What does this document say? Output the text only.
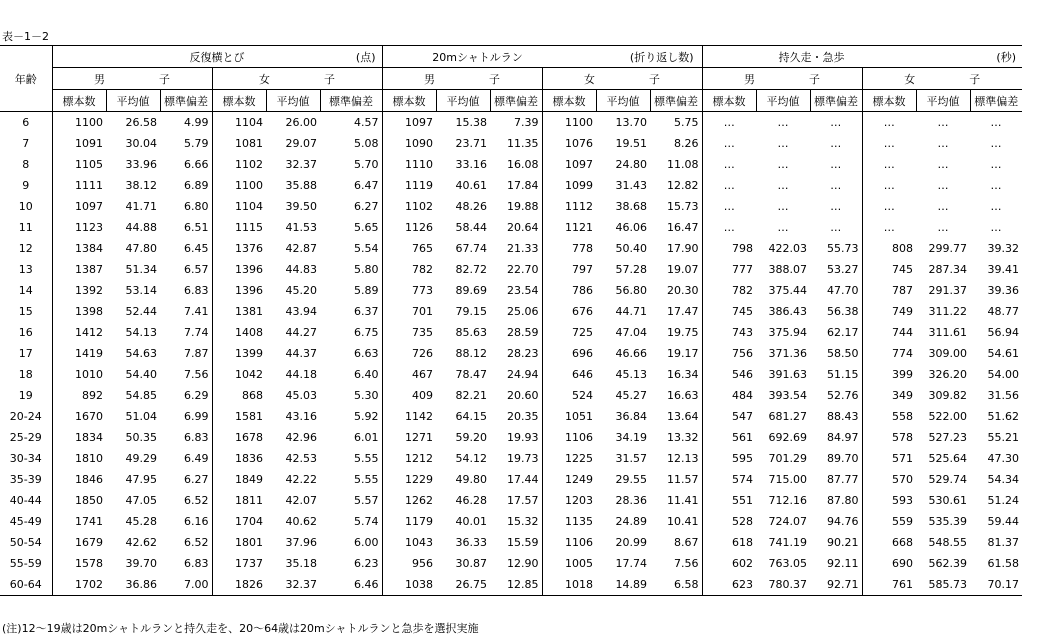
表－1－2
年齢	反復横とび (点)						20mシャトルラン (折り返し数)						持久走・急歩 (秒)					

	男 子			女 子			男 子			女 子			男 子			女 子		

	標本数	平均値	標準偏差	標本数	平均値	標準偏差	標本数	平均値	標準偏差	標本数	平均値	標準偏差	標本数	平均値	標準偏差	標本数	平均値	標準偏差
6	1100	26.58	4.99	1104	26.00	4.57	1097	15.38	7.39	1100	13.70	5.75	…	…	…	…	…	…
7	1091	30.04	5.79	1081	29.07	5.08	1090	23.71	11.35	1076	19.51	8.26	…	…	…	…	…	…
8	1105	33.96	6.66	1102	32.37	5.70	1110	33.16	16.08	1097	24.80	11.08	…	…	…	…	…	…
9	1111	38.12	6.89	1100	35.88	6.47	1119	40.61	17.84	1099	31.43	12.82	…	…	…	…	…	…
10	1097	41.71	6.80	1104	39.50	6.27	1102	48.26	19.88	1112	38.68	15.73	…	…	…	…	…	…
11	1123	44.88	6.51	1115	41.53	5.65	1126	58.44	20.64	1121	46.06	16.47	…	…	…	…	…	…
12	1384	47.80	6.45	1376	42.87	5.54	765	67.74	21.33	778	50.40	17.90	798	422.03	55.73	808	299.77	39.32
13	1387	51.34	6.57	1396	44.83	5.80	782	82.72	22.70	797	57.28	19.07	777	388.07	53.27	745	287.34	39.41
14	1392	53.14	6.83	1396	45.20	5.89	773	89.69	23.54	786	56.80	20.30	782	375.44	47.70	787	291.37	39.36
15	1398	52.44	7.41	1381	43.94	6.37	701	79.15	25.06	676	44.71	17.47	745	386.43	56.38	749	311.22	48.77
16	1412	54.13	7.74	1408	44.27	6.75	735	85.63	28.59	725	47.04	19.75	743	375.94	62.17	744	311.61	56.94
17	1419	54.63	7.87	1399	44.37	6.63	726	88.12	28.23	696	46.66	19.17	756	371.36	58.50	774	309.00	54.61
18	1010	54.40	7.56	1042	44.18	6.40	467	78.47	24.94	646	45.13	16.34	546	391.63	51.15	399	326.20	54.00
19	892	54.85	6.29	868	45.03	5.30	409	82.21	20.60	524	45.27	16.63	484	393.54	52.76	349	309.82	31.56
20-24	1670	51.04	6.99	1581	43.16	5.92	1142	64.15	20.35	1051	36.84	13.64	547	681.27	88.43	558	522.00	51.62
25-29	1834	50.35	6.83	1678	42.96	6.01	1271	59.20	19.93	1106	34.19	13.32	561	692.69	84.97	578	527.23	55.21
30-34	1810	49.29	6.49	1836	42.53	5.55	1212	54.12	19.73	1225	31.57	12.13	595	701.29	89.70	571	525.64	47.30
35-39	1846	47.95	6.27	1849	42.22	5.55	1229	49.80	17.44	1249	29.55	11.57	574	715.00	87.77	570	529.74	54.34
40-44	1850	47.05	6.52	1811	42.07	5.57	1262	46.28	17.57	1203	28.36	11.41	551	712.16	87.80	593	530.61	51.24
45-49	1741	45.28	6.16	1704	40.62	5.74	1179	40.01	15.32	1135	24.89	10.41	528	724.07	94.76	559	535.39	59.44
50-54	1679	42.62	6.52	1801	37.96	6.00	1043	36.33	15.59	1106	20.99	8.67	618	741.19	90.21	668	548.55	81.37
55-59	1578	39.70	6.83	1737	35.18	6.23	956	30.87	12.90	1005	17.74	7.56	602	763.05	92.11	690	562.39	61.58
60-64	1702	36.86	7.00	1826	32.37	6.46	1038	26.75	12.85	1018	14.89	6.58	623	780.37	92.71	761	585.73	70.17
(注)12～19歳は20mシャトルランと持久走を、20～64歳は20mシャトルランと急歩を選択実施
